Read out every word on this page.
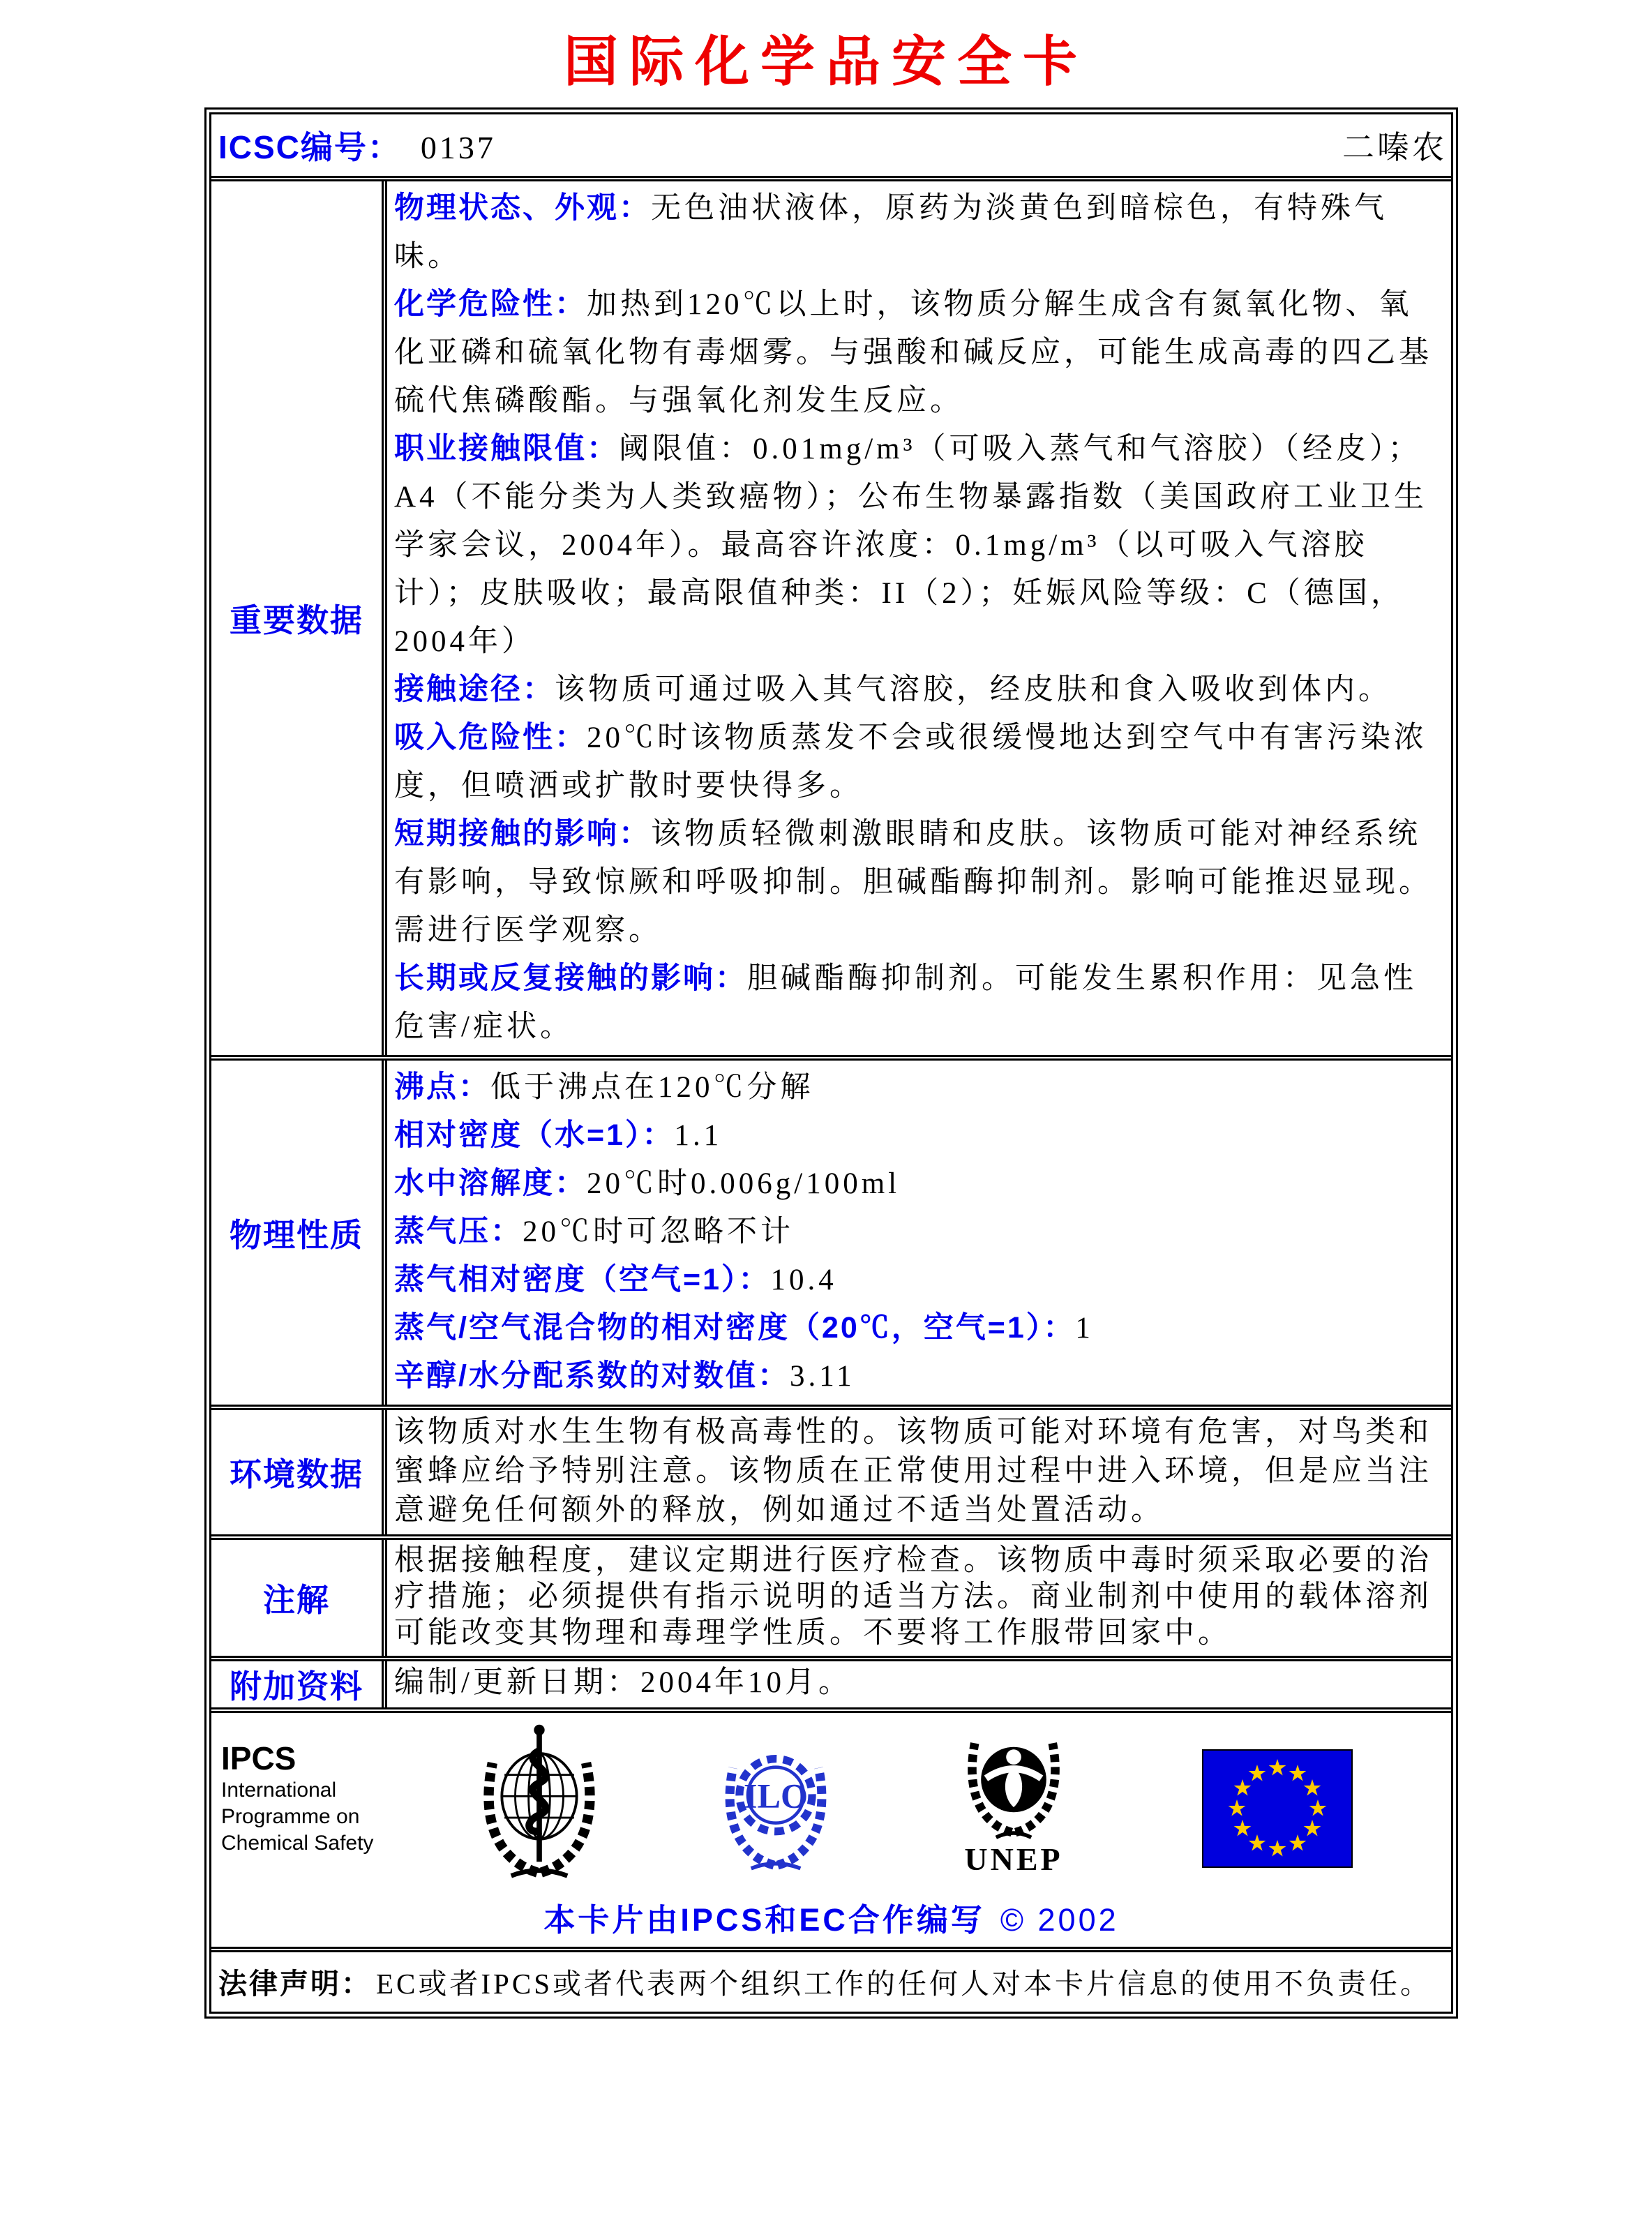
国际化学品安全卡
ICSC编号： 0137	二嗪农
重要数据
物理状态、外观：无色油状液体，原药为淡黄色到暗棕色，有特殊气味。
化学危险性：加热到120℃以上时，该物质分解生成含有氮氧化物、氧化亚磷和硫氧化物有毒烟雾。与强酸和碱反应，可能生成高毒的四乙基硫代焦磷酸酯。与强氧化剂发生反应。
职业接触限值：阈限值：0.01mg/m³（可吸入蒸气和气溶胶）（经皮）；A4（不能分类为人类致癌物）；公布生物暴露指数（美国政府工业卫生学家会议，2004年）。最高容许浓度：0.1mg/m³（以可吸入气溶胶计）；皮肤吸收；最高限值种类：II（2）；妊娠风险等级：C（德国，2004年）
接触途径：该物质可通过吸入其气溶胶，经皮肤和食入吸收到体内。
吸入危险性：20℃时该物质蒸发不会或很缓慢地达到空气中有害污染浓度，但喷洒或扩散时要快得多。
短期接触的影响：该物质轻微刺激眼睛和皮肤。该物质可能对神经系统有影响，导致惊厥和呼吸抑制。胆碱酯酶抑制剂。影响可能推迟显现。需进行医学观察。
长期或反复接触的影响：胆碱酯酶抑制剂。可能发生累积作用：见急性危害/症状。
物理性质
沸点：低于沸点在120℃分解
相对密度（水=1）：1.1
水中溶解度：20℃时0.006g/100ml
蒸气压：20℃时可忽略不计
蒸气相对密度（空气=1）：10.4
蒸气/空气混合物的相对密度（20℃，空气=1）：1
辛醇/水分配系数的对数值：3.11
环境数据
该物质对水生生物有极高毒性的。该物质可能对环境有危害，对鸟类和蜜蜂应给予特别注意。该物质在正常使用过程中进入环境，但是应当注意避免任何额外的释放，例如通过不适当处置活动。
注解
根据接触程度，建议定期进行医疗检查。该物质中毒时须采取必要的治疗措施；必须提供有指示说明的适当方法。商业制剂中使用的载体溶剂可能改变其物理和毒理学性质。不要将工作服带回家中。
附加资料 编制/更新日期：2004年10月。
IPCS
International
Programme on
Chemical Safety
ILO
UNEP
本卡片由IPCS和EC合作编写 © 2002
法律声明： EC或者IPCS或者代表两个组织工作的任何人对本卡片信息的使用不负责任。
